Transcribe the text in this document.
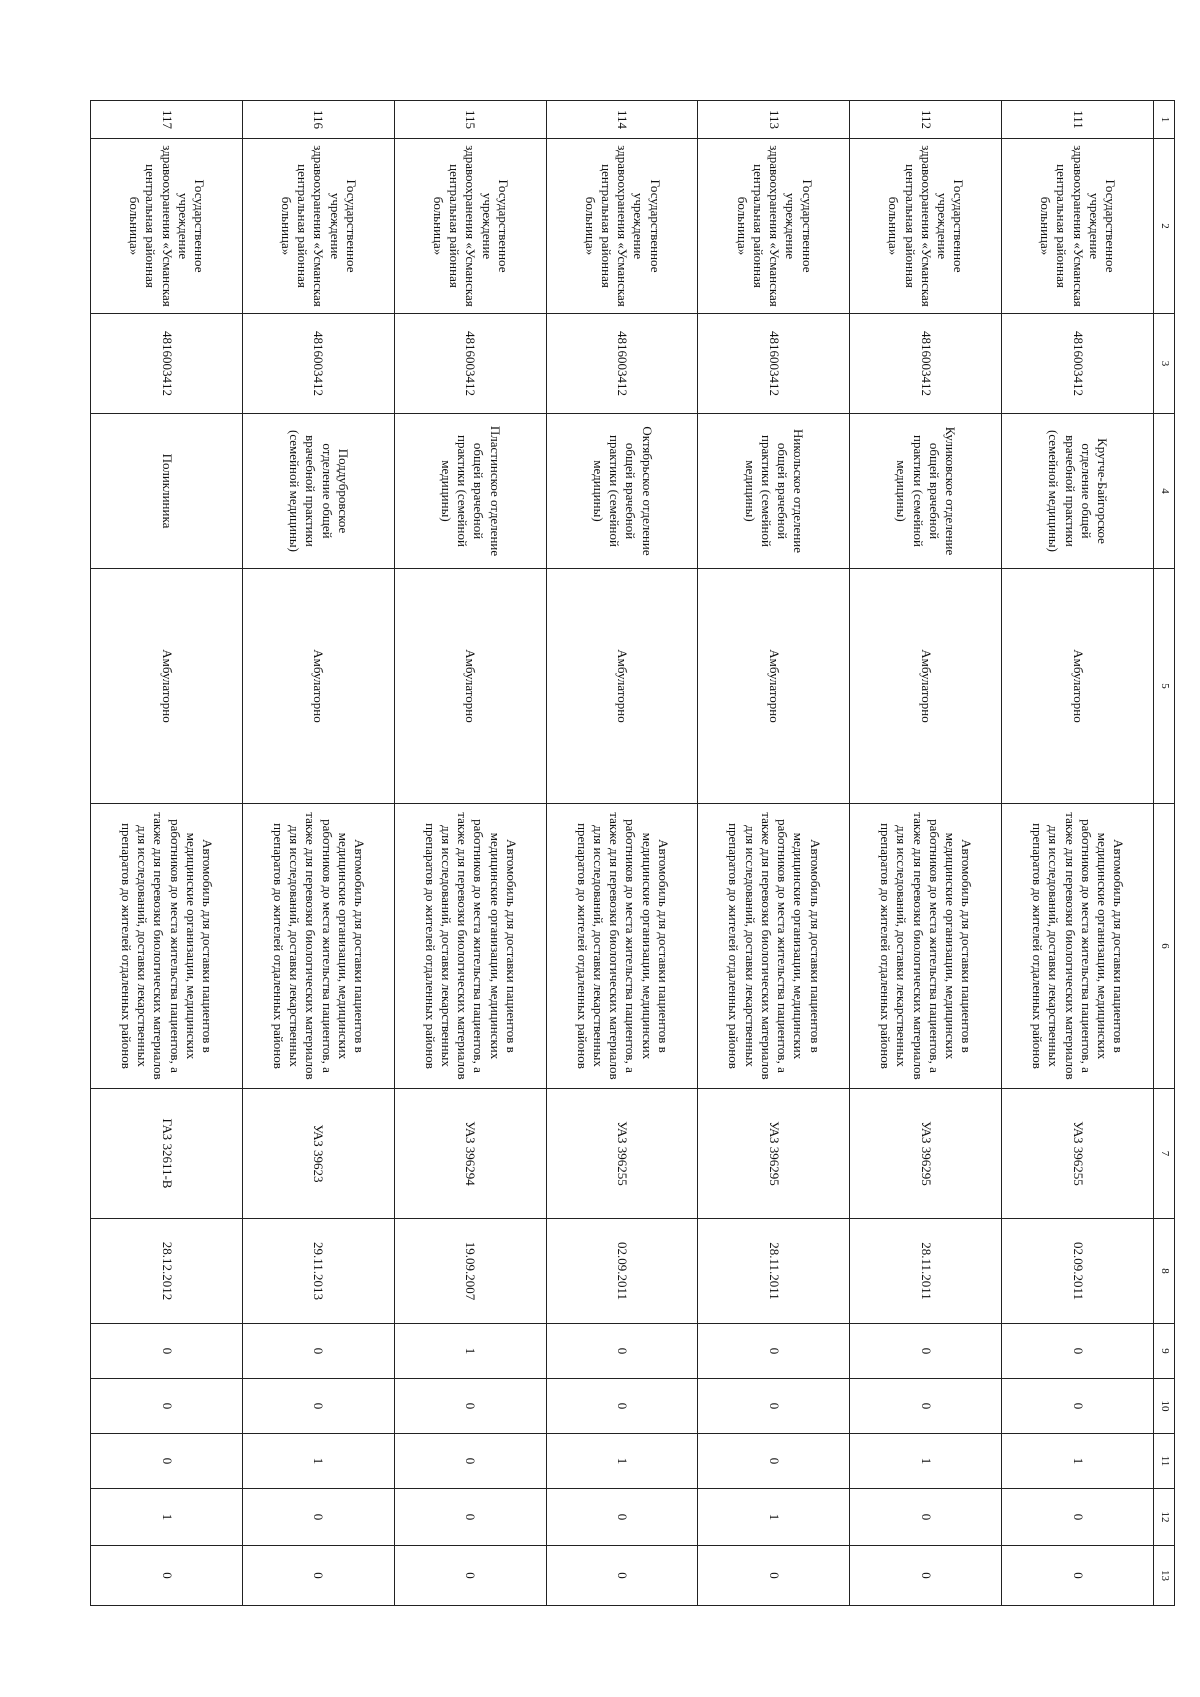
1	2	3	4	5	6	7	8	9	10	11	12	13
111	Государственное учреждение здравоохранения «Усманская центральная районная больница»	4816003412	Крутче-Байгорское отделение общей врачебной практики (семейной медицины)	Амбулаторно	Автомобиль для доставки пациентов в медицинские организации, медицинских работников до места жительства пациентов, а также для перевозки биологических материалов для исследований, доставки лекарственных препаратов до жителей отдаленных районов	УАЗ 396255	02.09.2011	0	0	1	0	0
112	Государственное учреждение здравоохранения «Усманская центральная районная больница»	4816003412	Куликовское отделение общей врачебной практики (семейной медицины)	Амбулаторно	Автомобиль для доставки пациентов в медицинские организации, медицинских работников до места жительства пациентов, а также для перевозки биологических материалов для исследований, доставки лекарственных препаратов до жителей отдаленных районов	УАЗ 396295	28.11.2011	0	0	1	0	0
113	Государственное учреждение здравоохранения «Усманская центральная районная больница»	4816003412	Никольское отделение общей врачебной практики (семейной медицины)	Амбулаторно	Автомобиль для доставки пациентов в медицинские организации, медицинских работников до места жительства пациентов, а также для перевозки биологических материалов для исследований, доставки лекарственных препаратов до жителей отдаленных районов	УАЗ 396295	28.11.2011	0	0	0	1	0
114	Государственное учреждение здравоохранения «Усманская центральная районная больница»	4816003412	Октябрьское отделение общей врачебной практики (семейной медицины)	Амбулаторно	Автомобиль для доставки пациентов в медицинские организации, медицинских работников до места жительства пациентов, а также для перевозки биологических материалов для исследований, доставки лекарственных препаратов до жителей отдаленных районов	УАЗ 396255	02.09.2011	0	0	1	0	0
115	Государственное учреждение здравоохранения «Усманская центральная районная больница»	4816003412	Пластинское отделение общей врачебной практики (семейной медицины)	Амбулаторно	Автомобиль для доставки пациентов в медицинские организации, медицинских работников до места жительства пациентов, а также для перевозки биологических материалов для исследований, доставки лекарственных препаратов до жителей отдаленных районов	УАЗ 396294	19.09.2007	1	0	0	0	0
116	Государственное учреждение здравоохранения «Усманская центральная районная больница»	4816003412	Поддубровское отделение общей врачебной практики (семейной медицины)	Амбулаторно	Автомобиль для доставки пациентов в медицинские организации, медицинских работников до места жительства пациентов, а также для перевозки биологических материалов для исследований, доставки лекарственных препаратов до жителей отдаленных районов	УАЗ 39623	29.11.2013	0	0	1	0	0
117	Государственное учреждение здравоохранения «Усманская центральная районная больница»	4816003412	Поликлиника	Амбулаторно	Автомобиль для доставки пациентов в медицинские организации, медицинских работников до места жительства пациентов, а также для перевозки биологических материалов для исследований, доставки лекарственных препаратов до жителей отдаленных районов	ГАЗ 32611-В	28.12.2012	0	0	0	1	0
